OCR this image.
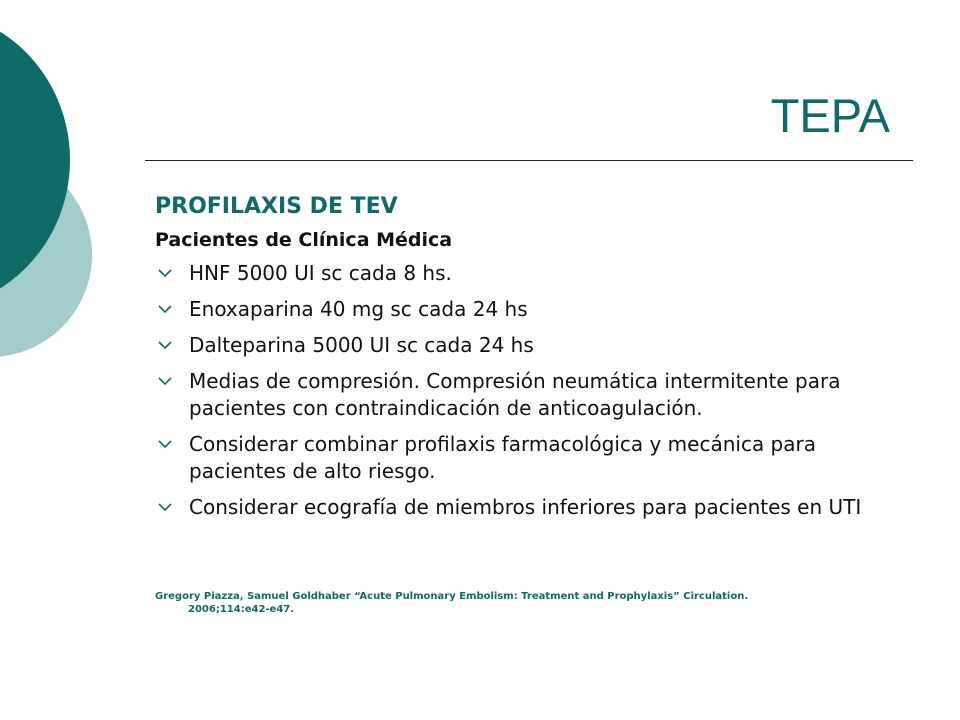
TEPA
PROFILAXIS DE TEV
Pacientes de Clínica Médica
HNF 5000 UI sc cada 8 hs.
Enoxaparina 40 mg sc cada 24 hs
Dalteparina 5000 UI sc cada 24 hs
Medias de compresión. Compresión neumática intermitente para pacientes con contraindicación de anticoagulación.
Considerar combinar profilaxis farmacológica y mecánica para pacientes de alto riesgo.
Considerar ecografía de miembros inferiores para pacientes en UTI
Gregory Piazza, Samuel Goldhaber “Acute Pulmonary Embolism: Treatment and Prophylaxis” Circulation.
2006;114:e42-e47.
